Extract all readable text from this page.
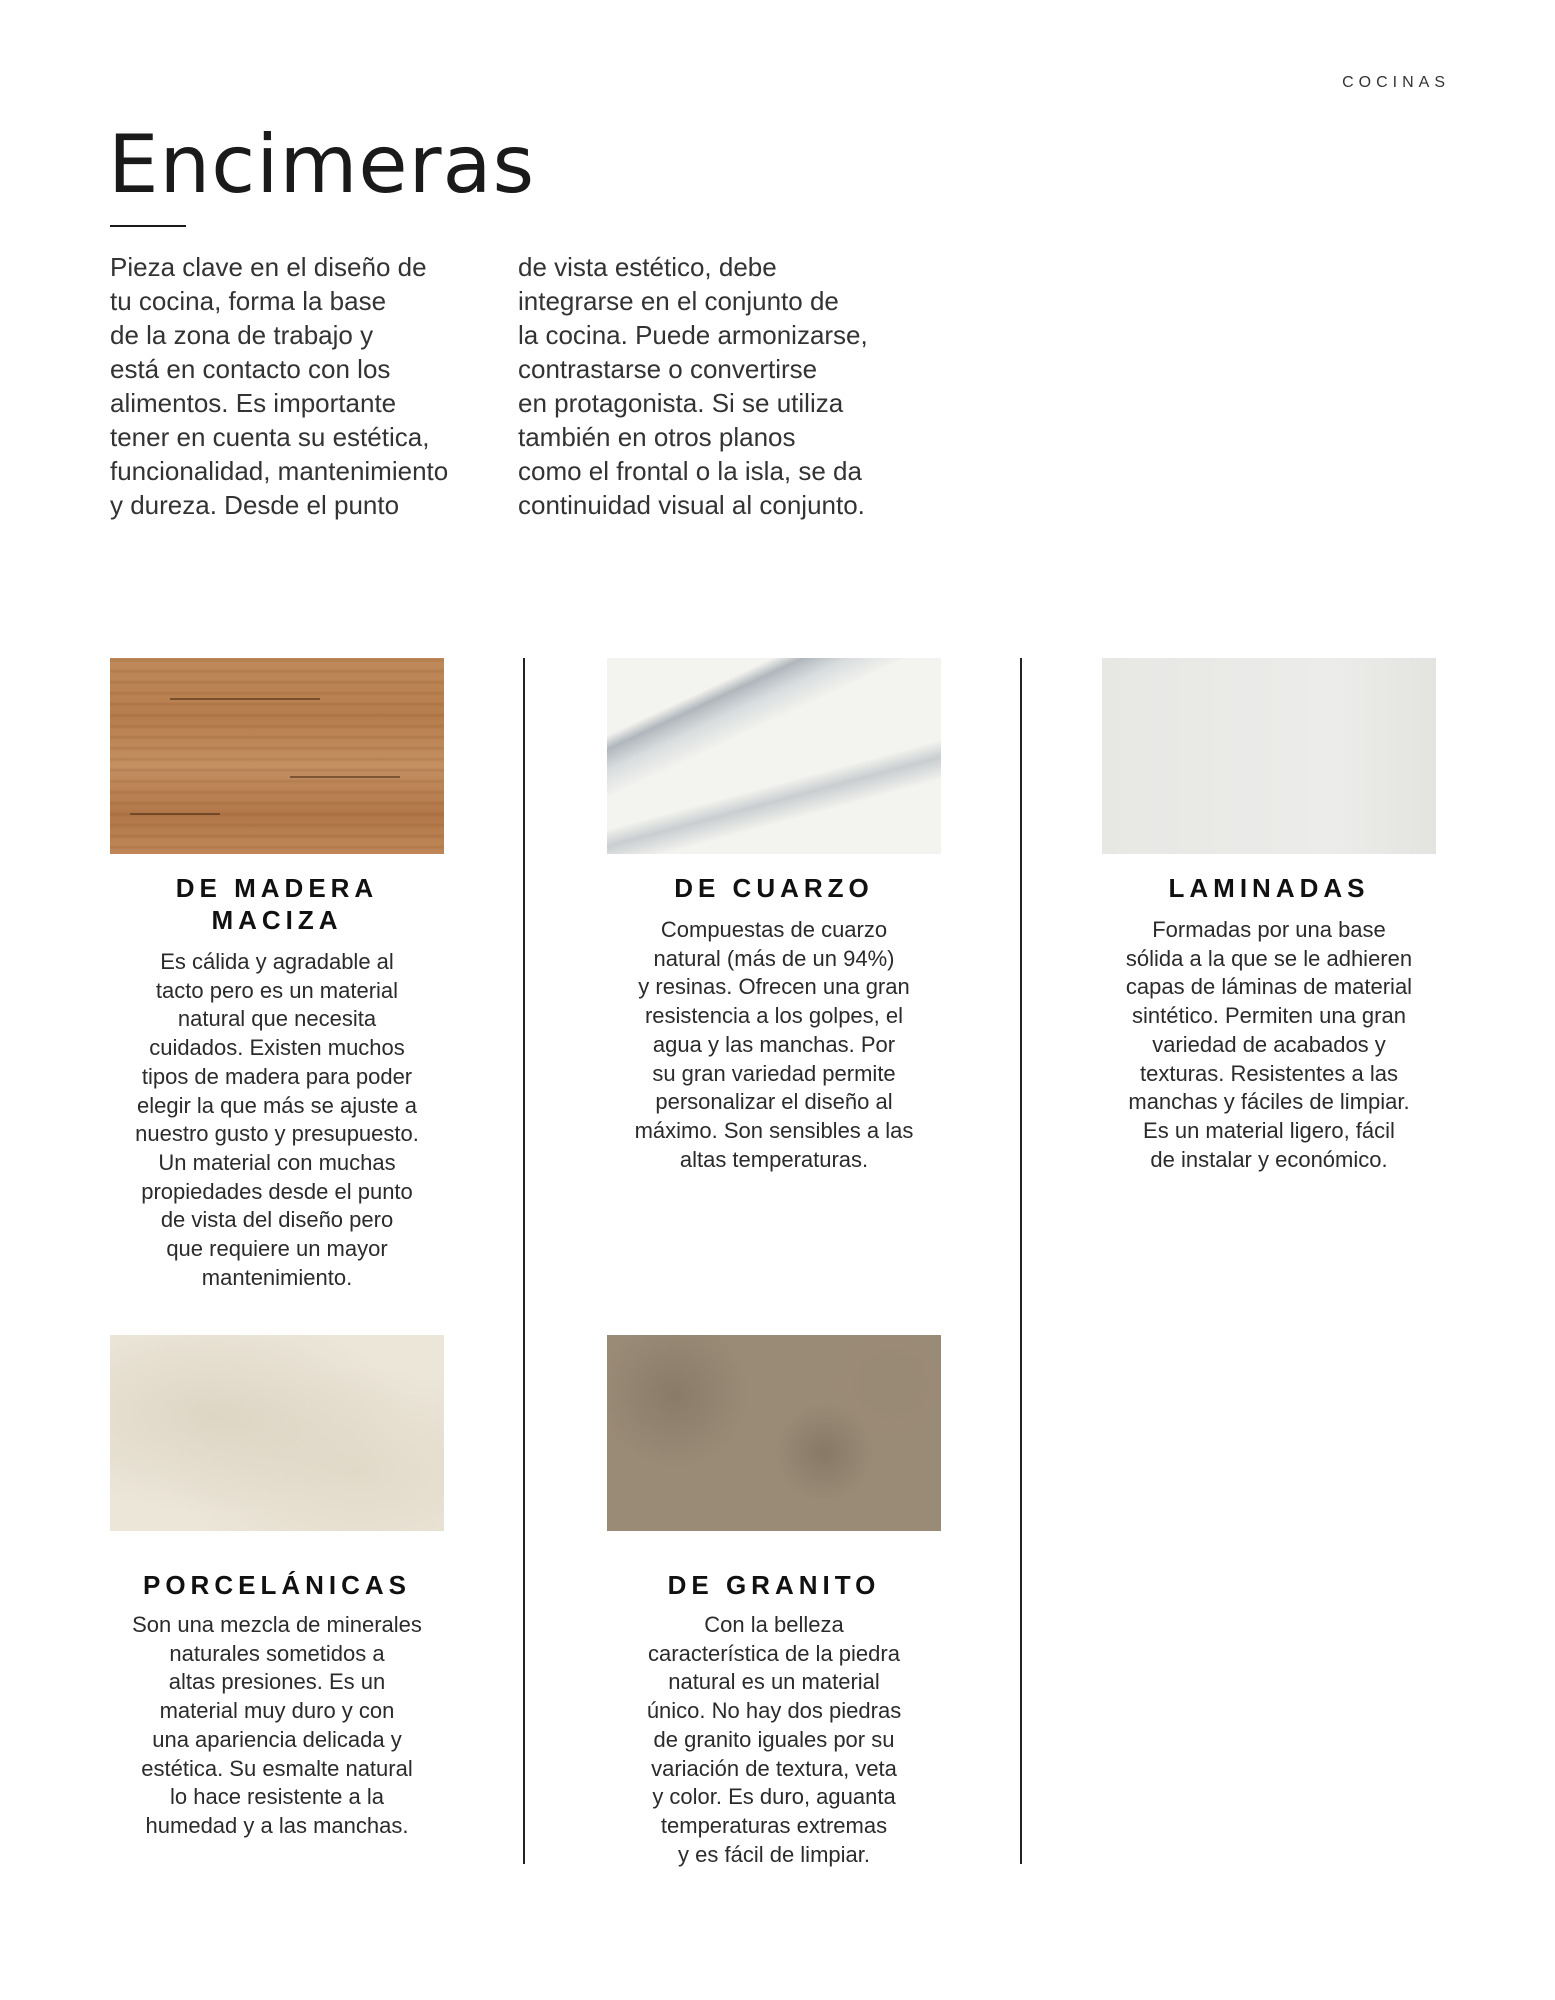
COCINAS
Encimeras

Pieza clave en el diseño de
tu cocina, forma la base
de la zona de trabajo y
está en contacto con los
alimentos. Es importante
tener en cuenta su estética,
funcionalidad, mantenimiento
y dureza. Desde el punto

de vista estético, debe
integrarse en el conjunto de
la cocina. Puede armonizarse,
contrastarse o convertirse
en protagonista. Si se utiliza
también en otros planos
como el frontal o la isla, se da
continuidad visual al conjunto.

DE MADERA
MACIZA

Es cálida y agradable al
tacto pero es un material
natural que necesita
cuidados. Existen muchos
tipos de madera para poder
elegir la que más se ajuste a
nuestro gusto y presupuesto.
Un material con muchas
propiedades desde el punto
de vista del diseño pero
que requiere un mayor
mantenimiento.

DE CUARZO

Compuestas de cuarzo
natural (más de un 94%)
y resinas. Ofrecen una gran
resistencia a los golpes, el
agua y las manchas. Por
su gran variedad permite
personalizar el diseño al
máximo. Son sensibles a las
altas temperaturas.

LAMINADAS

Formadas por una base
sólida a la que se le adhieren
capas de láminas de material
sintético. Permiten una gran
variedad de acabados y
texturas. Resistentes a las
manchas y fáciles de limpiar.
Es un material ligero, fácil
de instalar y económico.

PORCELÁNICAS

Son una mezcla de minerales
naturales sometidos a
altas presiones. Es un
material muy duro y con
una apariencia delicada y
estética. Su esmalte natural
lo hace resistente a la
humedad y a las manchas.

DE GRANITO

Con la belleza
característica de la piedra
natural es un material
único. No hay dos piedras
de granito iguales por su
variación de textura, veta
y color. Es duro, aguanta
temperaturas extremas
y es fácil de limpiar.
